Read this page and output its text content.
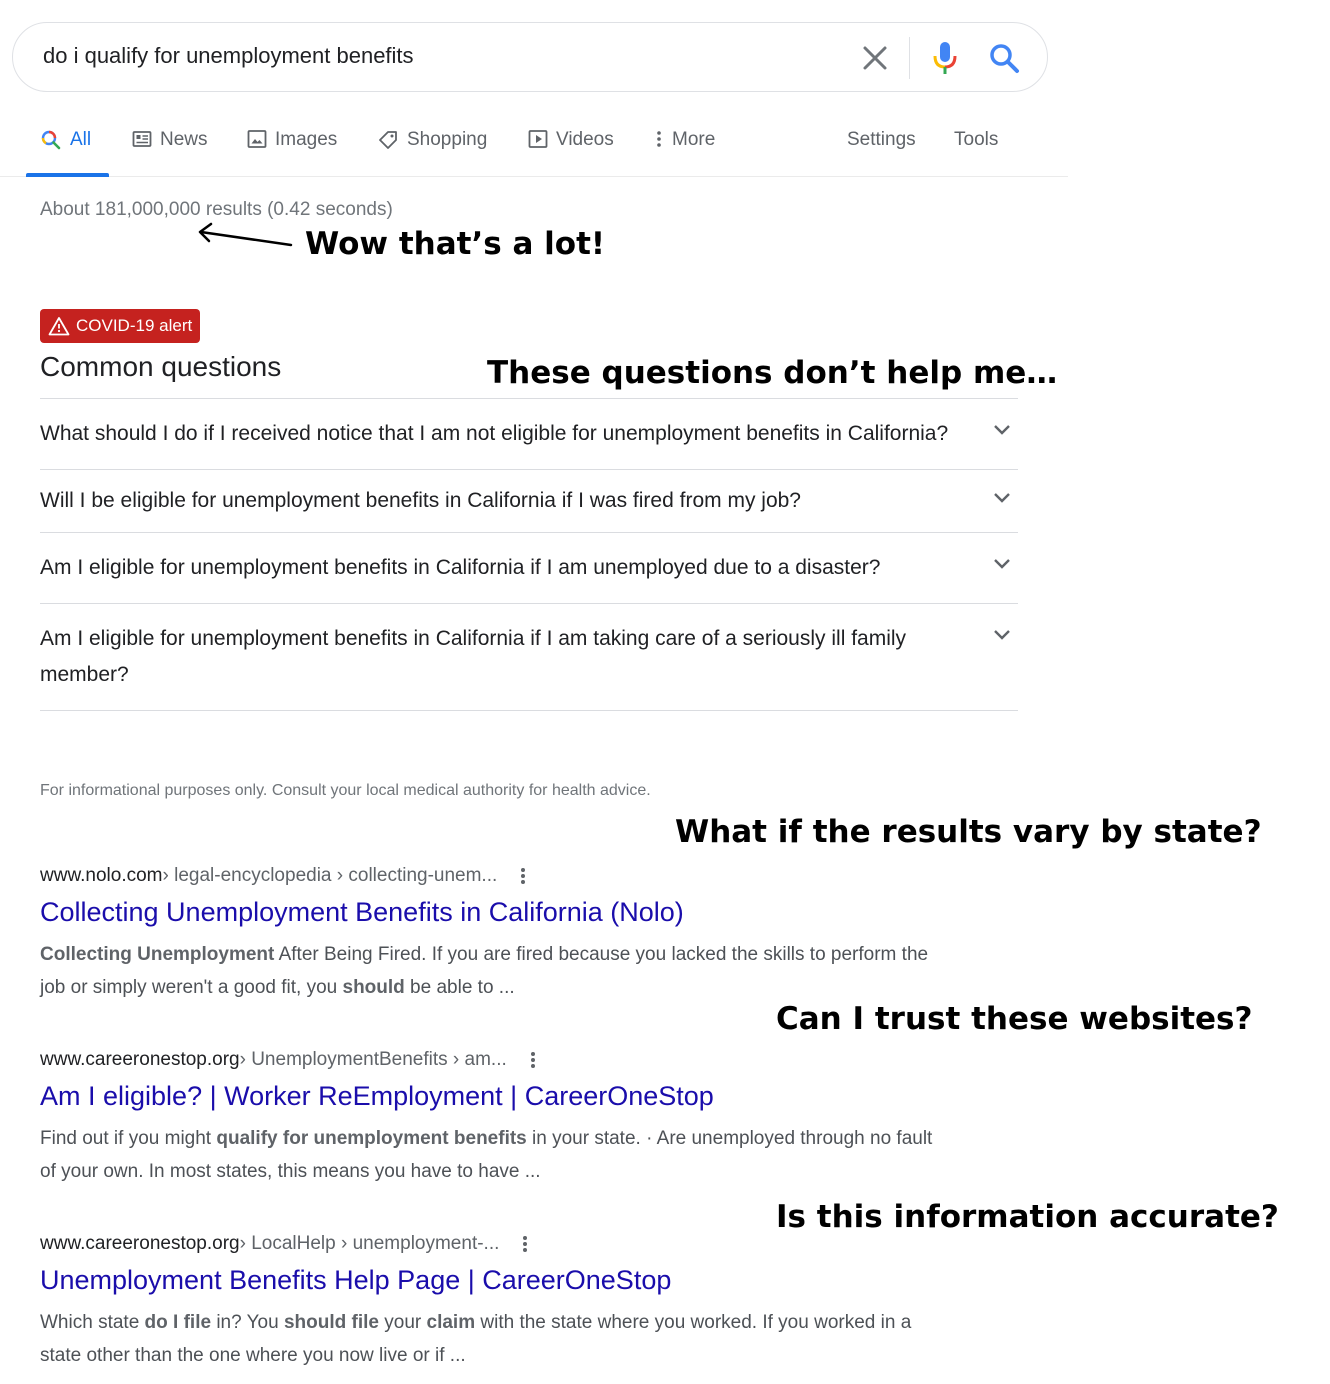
do i qualify for unemployment benefits
All	News	Images	Shopping	Videos	More	Settings Tools
About 181,000,000 results (0.42 seconds)
Wow that’s a lot!
COVID-19 alert
Common questions	These questions don’t help me…
What should I do if I received notice that I am not eligible for unemployment benefits in California?
Will I be eligible for unemployment benefits in California if I was fired from my job?
Am I eligible for unemployment benefits in California if I am unemployed due to a disaster?
Am I eligible for unemployment benefits in California if I am taking care of a seriously ill family member?
For informational purposes only. Consult your local medical authority for health advice.
What if the results vary by state?
www.nolo.com › legal-encyclopedia › collecting-unem...
Collecting Unemployment Benefits in California (Nolo)
Collecting Unemployment After Being Fired. If you are fired because you lacked the skills to perform the job or simply weren't a good fit, you should be able to ...
Can I trust these websites?
www.careeronestop.org › UnemploymentBenefits › am...
Am I eligible? | Worker ReEmployment | CareerOneStop
Find out if you might qualify for unemployment benefits in your state. · Are unemployed through no fault of your own. In most states, this means you have to have ...
Is this information accurate?
www.careeronestop.org › LocalHelp › unemployment-...
Unemployment Benefits Help Page | CareerOneStop
Which state do I file in? You should file your claim with the state where you worked. If you worked in a state other than the one where you now live or if ...
